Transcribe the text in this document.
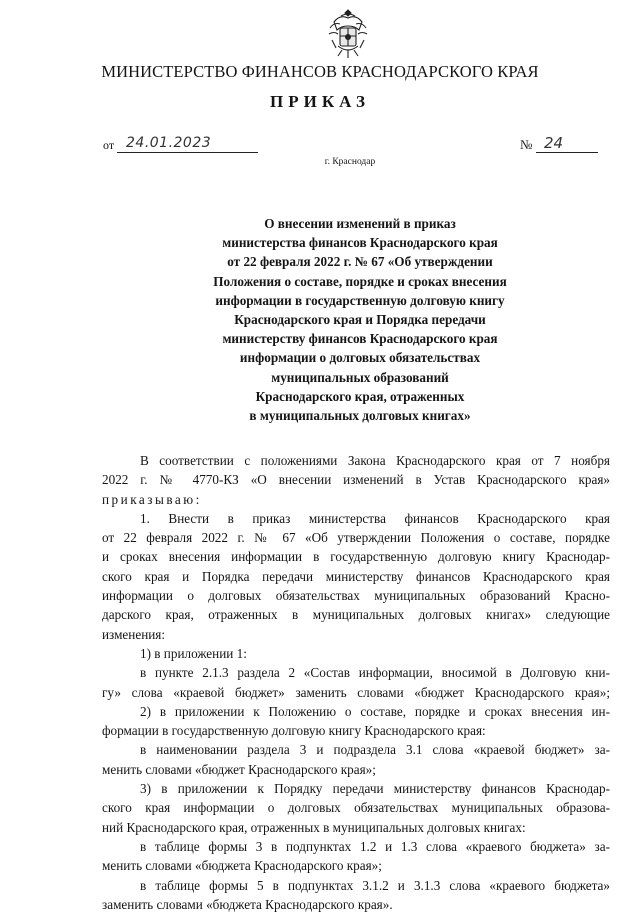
МИНИСТЕРСТВО ФИНАНСОВ КРАСНОДАРСКОГО КРАЯ
ПРИКАЗ
от 24.01.2023	№ 24
г. Краснодар
О внесении изменений в приказ
министерства финансов Краснодарского края
от 22 февраля 2022 г. № 67 «Об утверждении
Положения о составе, порядке и сроках внесения
информации в государственную долговую книгу
Краснодарского края и Порядка передачи
министерству финансов Краснодарского края
информации о долговых обязательствах
муниципальных образований
Краснодарского края, отраженных
в муниципальных долговых книгах»
В соответствии с положениями Закона Краснодарского края от 7 ноября
2022 г. № 4770-КЗ «О внесении изменений в Устав Краснодарского края»
приказываю:
1. Внести в приказ министерства финансов Краснодарского края
от 22 февраля 2022 г. № 67 «Об утверждении Положения о составе, порядке
и сроках внесения информации в государственную долговую книгу Краснодар-
ского края и Порядка передачи министерству финансов Краснодарского края
информации о долговых обязательствах муниципальных образований Красно-
дарского края, отраженных в муниципальных долговых книгах» следующие
изменения:
1) в приложении 1:
в пункте 2.1.3 раздела 2 «Состав информации, вносимой в Долговую кни-
гу» слова «краевой бюджет» заменить словами «бюджет Краснодарского края»;
2) в приложении к Положению о составе, порядке и сроках внесения ин-
формации в государственную долговую книгу Краснодарского края:
в наименовании раздела 3 и подраздела 3.1 слова «краевой бюджет» за-
менить словами «бюджет Краснодарского края»;
3) в приложении к Порядку передачи министерству финансов Краснодар-
ского края информации о долговых обязательствах муниципальных образова-
ний Краснодарского края, отраженных в муниципальных долговых книгах:
в таблице формы 3 в подпунктах 1.2 и 1.3 слова «краевого бюджета» за-
менить словами «бюджета Краснодарского края»;
в таблице формы 5 в подпунктах 3.1.2 и 3.1.3 слова «краевого бюджета»
заменить словами «бюджета Краснодарского края».
